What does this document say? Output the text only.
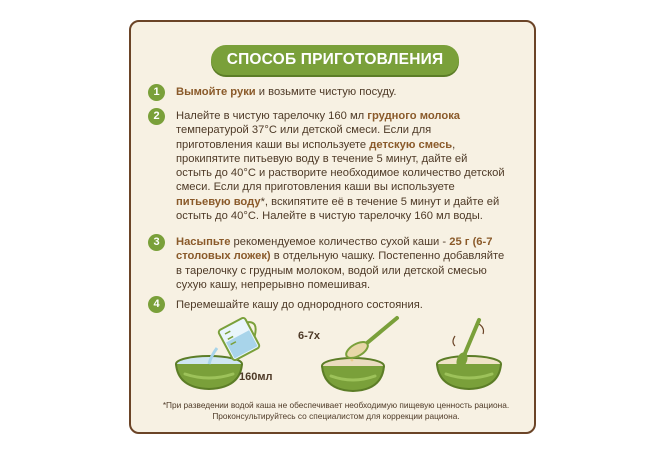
СПОСОБ ПРИГОТОВЛЕНИЯ
1	Вымойте руки и возьмите чистую посуду.
2	Налейте в чистую тарелочку 160 мл грудного молока температурой 37°С или детской смеси. Если для приготовления каши вы используете детскую смесь, прокипятите питьевую воду в течение 5 минут, дайте ей остыть до 40°С и растворите необходимое количество детской смеси. Если для приготовления каши вы используете питьевую воду*, вскипятите её в течение 5 минут и дайте ей остыть до 40°С. Налейте в чистую тарелочку 160 мл воды.
3	Насыпьте рекомендуемое количество сухой каши - 25 г (6-7 столовых ложек) в отдельную чашку. Постепенно добавляйте в тарелочку с грудным молоком, водой или детской смесью сухую кашу, непрерывно помешивая.
4	Перемешайте кашу до однородного состояния.
160мл
6-7х
*При разведении водой каша не обеспечивает необходимую пищевую ценность рациона. Проконсультируйтесь со специалистом для коррекции рациона.
